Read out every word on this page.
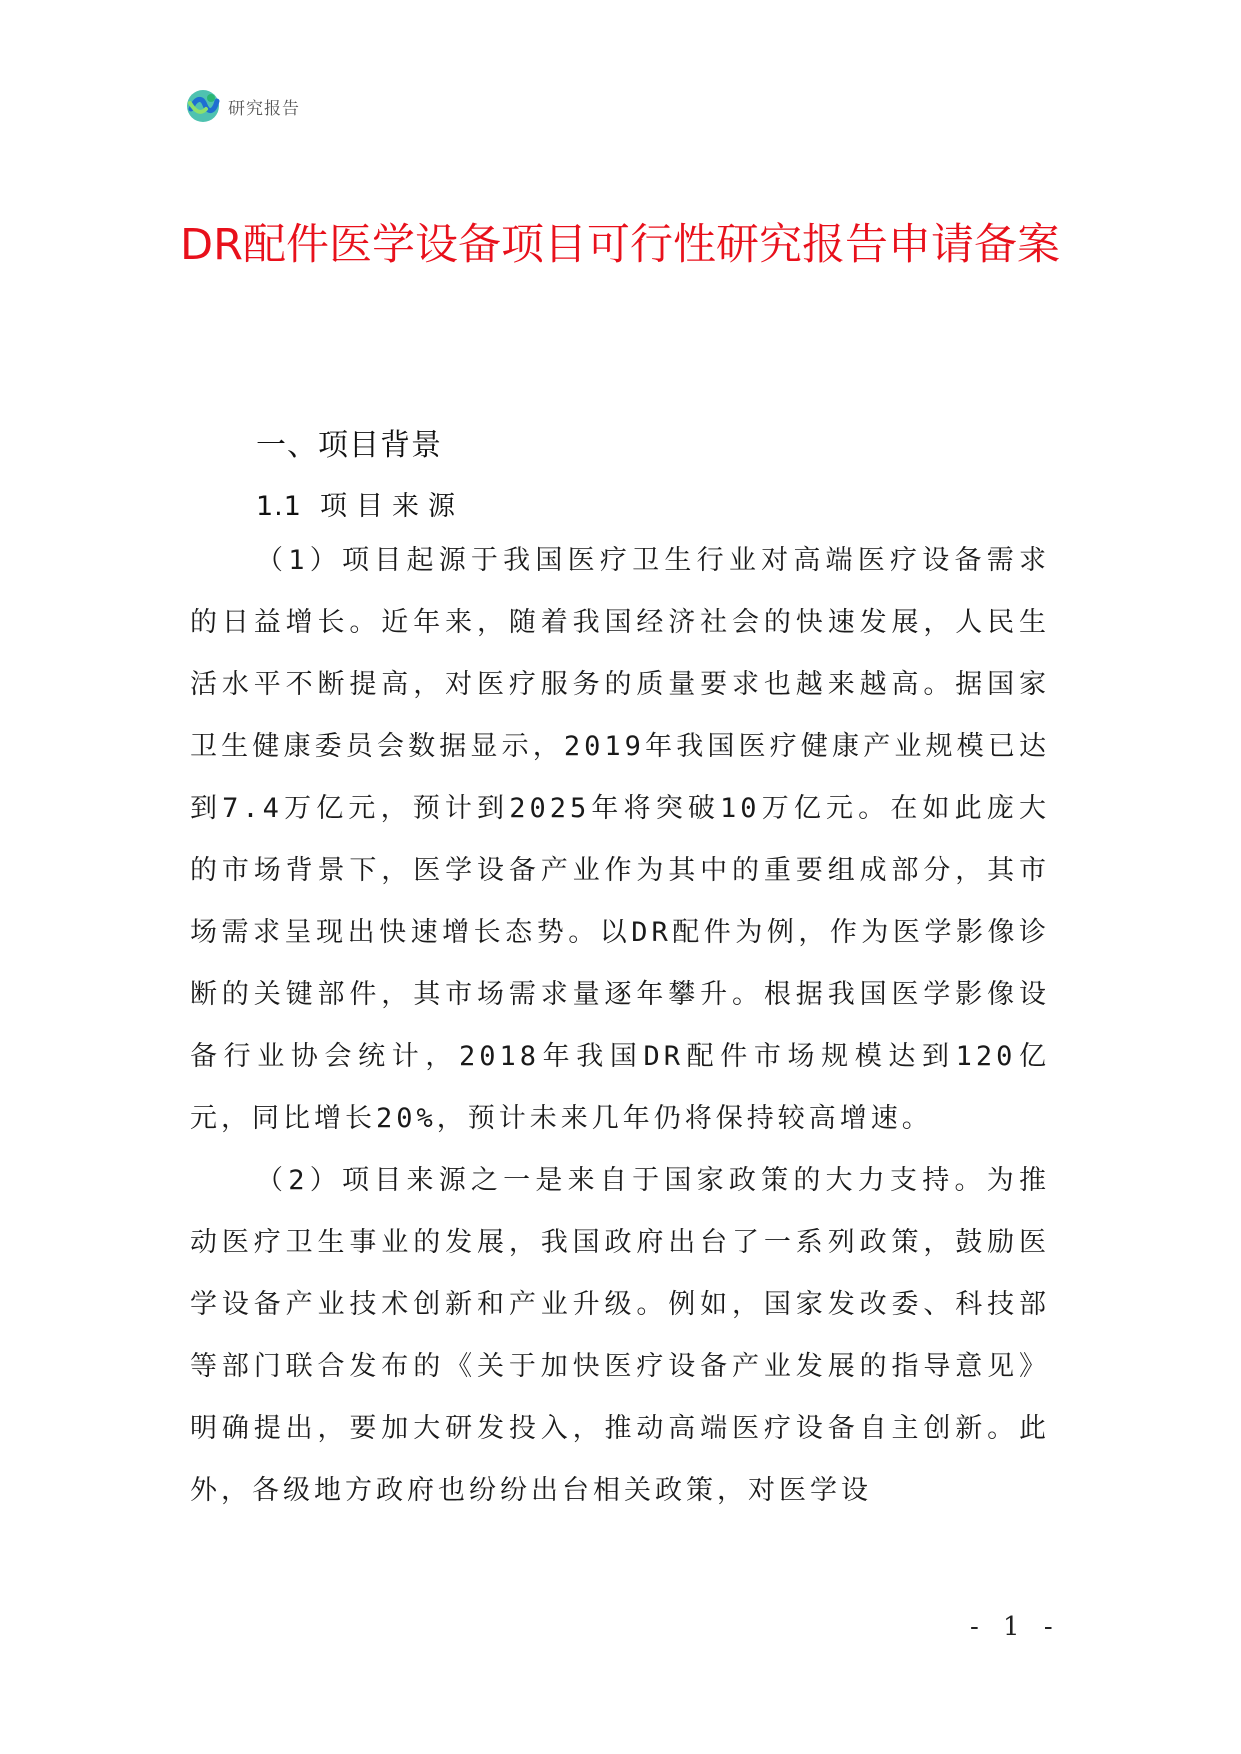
研究报告
DR配件医学设备项目可行性研究报告申请备案
一、项目背景
1.1 项目来源

（1）项目起源于我国医疗卫生行业对高端医疗设备需求的日益增长。近年来，随着我国经济社会的快速发展，人民生活水平不断提高，对医疗服务的质量要求也越来越高。据国家卫生健康委员会数据显示，2019年我国医疗健康产业规模已达到7.4万亿元，预计到2025年将突破10万亿元。在如此庞大的市场背景下，医学设备产业作为其中的重要组成部分，其市场需求呈现出快速增长态势。以DR配件为例，作为医学影像诊断的关键部件，其市场需求量逐年攀升。根据我国医学影像设备行业协会统计，2018年我国DR配件市场规模达到120亿元，同比增长20%，预计未来几年仍将保持较高增速。

（2）项目来源之一是来自于国家政策的大力支持。为推动医疗卫生事业的发展，我国政府出台了一系列政策，鼓励医学设备产业技术创新和产业升级。例如，国家发改委、科技部等部门联合发布的《关于加快医疗设备产业发展的指导意见》明确提出，要加大研发投入，推动高端医疗设备自主创新。此外，各级地方政府也纷纷出台相关政策，对医学设

- 1 -
